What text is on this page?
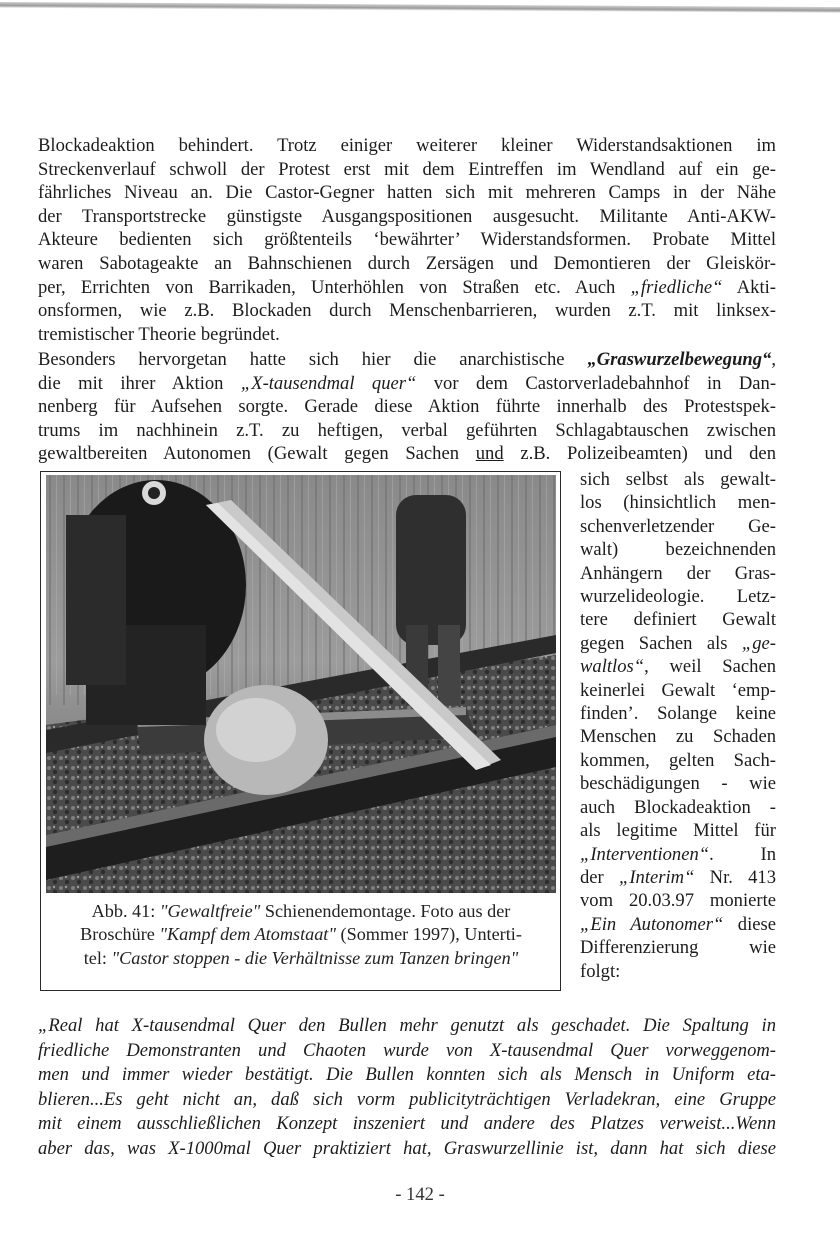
Blockadeaktion behindert. Trotz einiger weiterer kleiner Widerstandsaktionen im
Streckenverlauf schwoll der Protest erst mit dem Eintreffen im Wendland auf ein ge-
fährliches Niveau an. Die Castor-Gegner hatten sich mit mehreren Camps in der Nähe
der Transportstrecke günstigste Ausgangspositionen ausgesucht. Militante Anti-AKW-
Akteure bedienten sich größtenteils ‘bewährter’ Widerstandsformen. Probate Mittel
waren Sabotageakte an Bahnschienen durch Zersägen und Demontieren der Gleiskör-
per, Errichten von Barrikaden, Unterhöhlen von Straßen etc. Auch „friedliche“ Akti-
onsformen, wie z.B. Blockaden durch Menschenbarrieren, wurden z.T. mit linksex-
tremistischer Theorie begründet.
Besonders hervorgetan hatte sich hier die anarchistische „Graswurzelbewegung“,
die mit ihrer Aktion „X-tausendmal quer“ vor dem Castorverladebahnhof in Dan-
nenberg für Aufsehen sorgte. Gerade diese Aktion führte innerhalb des Protestspek-
trums im nachhinein z.T. zu heftigen, verbal geführten Schlagabtauschen zwischen
gewaltbereiten Autonomen (Gewalt gegen Sachen und z.B. Polizeibeamten) und den
Abb. 41: "Gewaltfreie" Schienendemontage. Foto aus der
Broschüre "Kampf dem Atomstaat" (Sommer 1997), Unterti-
tel: "Castor stoppen - die Verhältnisse zum Tanzen bringen"
sich selbst als gewalt-
los (hinsichtlich men-
schenverletzender Ge-
walt) bezeichnenden
Anhängern der Gras-
wurzelideologie. Letz-
tere definiert Gewalt
gegen Sachen als „ge-
waltlos“, weil Sachen
keinerlei Gewalt ‘emp-
finden’. Solange keine
Menschen zu Schaden
kommen, gelten Sach-
beschädigungen - wie
auch Blockadeaktion -
als legitime Mittel für
„Interventionen“. In
der „Interim“ Nr. 413
vom 20.03.97 monierte
„Ein Autonomer“ diese
Differenzierung wie
folgt:
„Real hat X-tausendmal Quer den Bullen mehr genutzt als geschadet. Die Spaltung in
friedliche Demonstranten und Chaoten wurde von X-tausendmal Quer vorweggenom-
men und immer wieder bestätigt. Die Bullen konnten sich als Mensch in Uniform eta-
blieren...Es geht nicht an, daß sich vorm publicityträchtigen Verladekran, eine Gruppe
mit einem ausschließlichen Konzept inszeniert und andere des Platzes verweist...Wenn
aber das, was X-1000mal Quer praktiziert hat, Graswurzellinie ist, dann hat sich diese
- 142 -
